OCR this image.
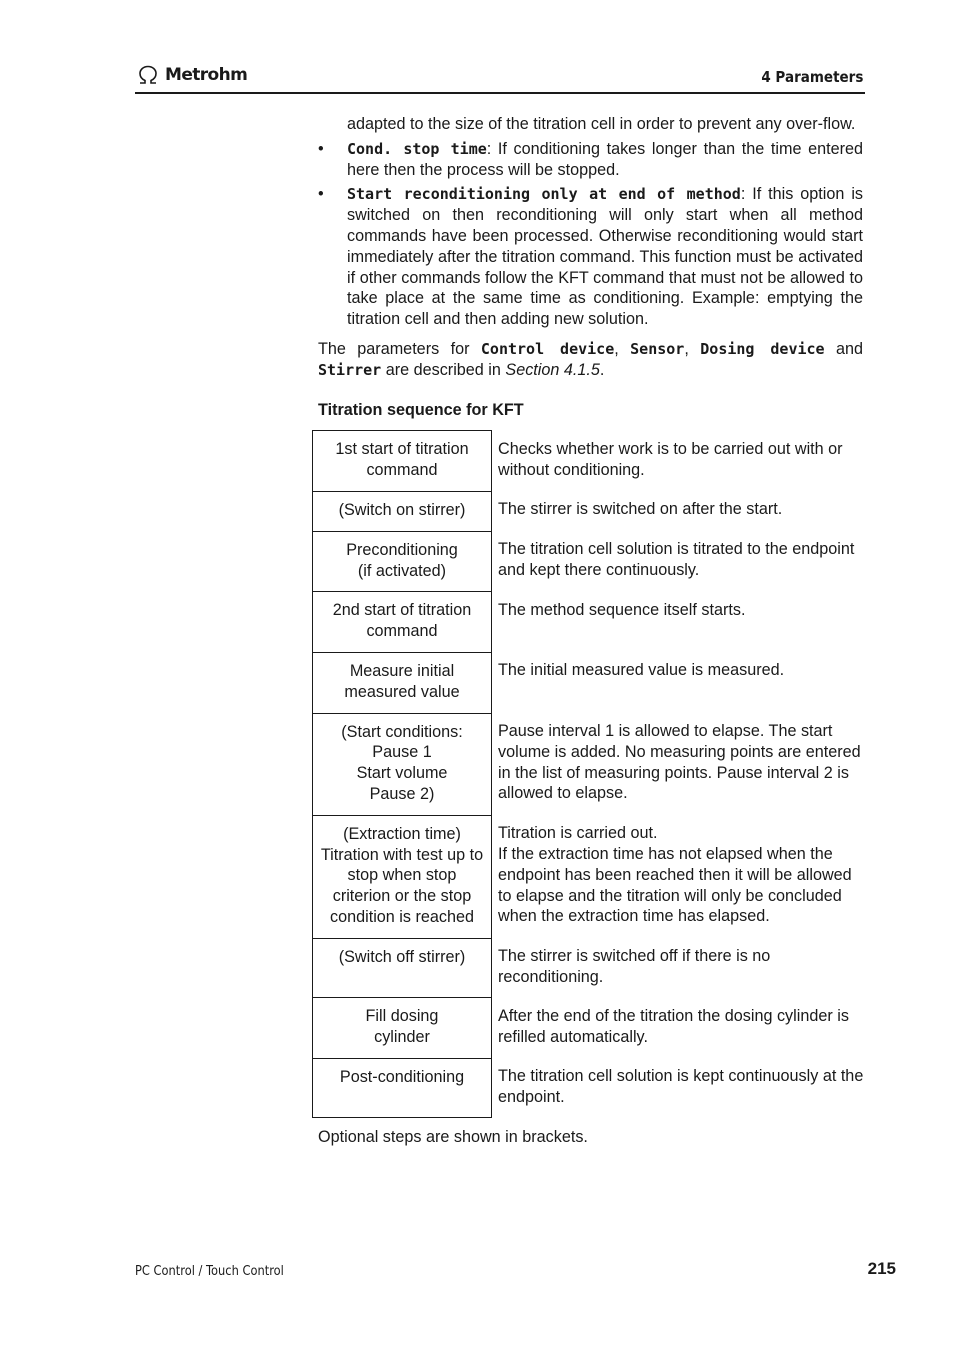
Metrohm	4 Parameters

adapted to the size of the titration cell in order to prevent any over-flow.

• Cond. stop time: If conditioning takes longer than the time entered here then the process will be stopped.
• Start reconditioning only at end of method: If this option is switched on then reconditioning will only start when all method commands have been processed. Otherwise reconditioning would start immediately after the titration command. This function must be activated if other commands follow the KFT command that must not be allowed to take place at the same time as conditioning. Example: emptying the titration cell and then adding new solution.

The parameters for Control device, Sensor, Dosing device and Stirrer are described in Section 4.1.5.

Titration sequence for KFT
1st start of titration command	Checks whether work is to be carried out with or without conditioning.

(Switch on stirrer)	The stirrer is switched on after the start.

Preconditioning
(if activated)	The titration cell solution is titrated to the endpoint and kept there continuously.

2nd start of titration command	The method sequence itself starts.

Measure initial measured value	The initial measured value is measured.

(Start conditions:
Pause 1
Start volume
Pause 2)	Pause interval 1 is allowed to elapse. The start volume is added. No measuring points are entered in the list of measuring points. Pause interval 2 is allowed to elapse.

(Extraction time)
Titration with test up to stop when stop criterion or the stop condition is reached	Titration is carried out.
If the extraction time has not elapsed when the endpoint has been reached then it will be allowed to elapse and the titration will only be concluded when the extraction time has elapsed.

(Switch off stirrer)	The stirrer is switched off if there is no reconditioning.

Fill dosing
cylinder	After the end of the titration the dosing cylinder is refilled automatically.

Post-conditioning	The titration cell solution is kept continuously at the endpoint.

Optional steps are shown in brackets.

PC Control / Touch Control	215
